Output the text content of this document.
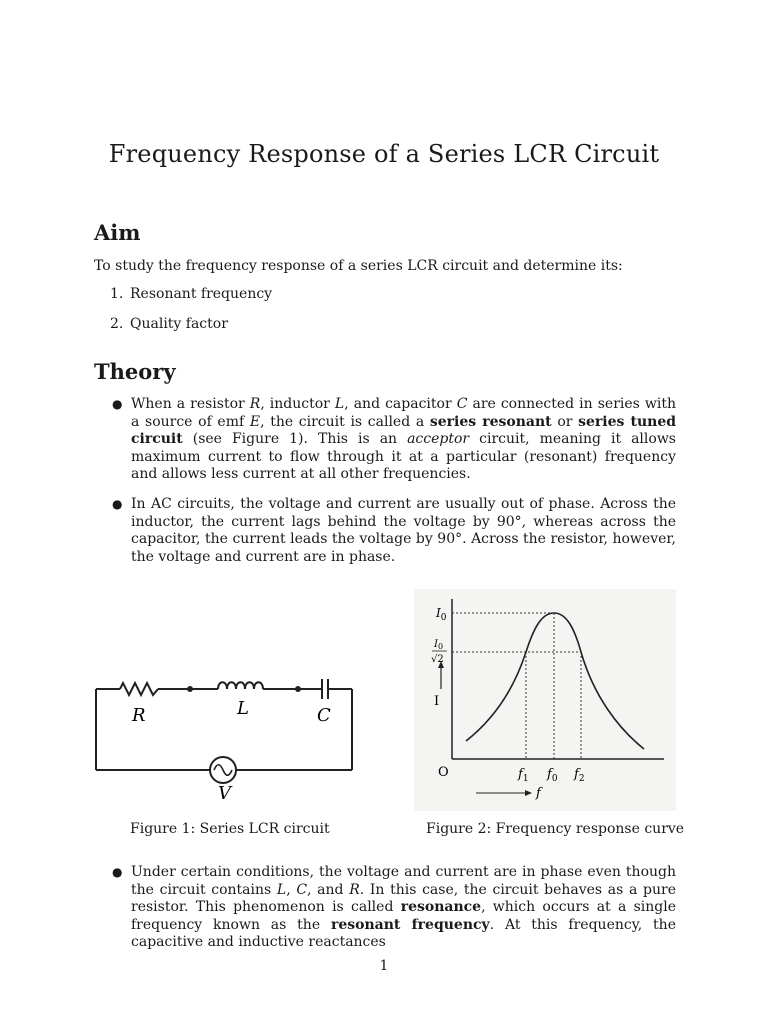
Frequency Response of a Series LCR Circuit
Aim

To study the frequency response of a series LCR circuit and determine its:

1. Resonant frequency
2. Quality factor
Theory
● When a resistor R, inductor L, and capacitor C are connected in series with a source of emf E, the circuit is called a series resonant or series tuned circuit (see Figure 1). This is an acceptor circuit, meaning it allows maximum current to flow through it at a particular (resonant) frequency and allows less current at all other frequencies.
● In AC circuits, the voltage and current are usually out of phase. Across the inductor, the current lags behind the voltage by 90°, whereas across the capacitor, the current leads the voltage by 90°. Across the resistor, however, the voltage and current are in phase.
R	L	C
V
I
$I_0$
$I_0$
√2
O	$f_1$ $f_0$ $f_2$
f
Figure 1: Series LCR circuit	Figure 2: Frequency response curve
● Under certain conditions, the voltage and current are in phase even though the circuit contains L, C, and R. In this case, the circuit behaves as a pure resistor. This phenomenon is called resonance, which occurs at a single frequency known as the resonant frequency. At this frequency, the capacitive and inductive reactances
1
